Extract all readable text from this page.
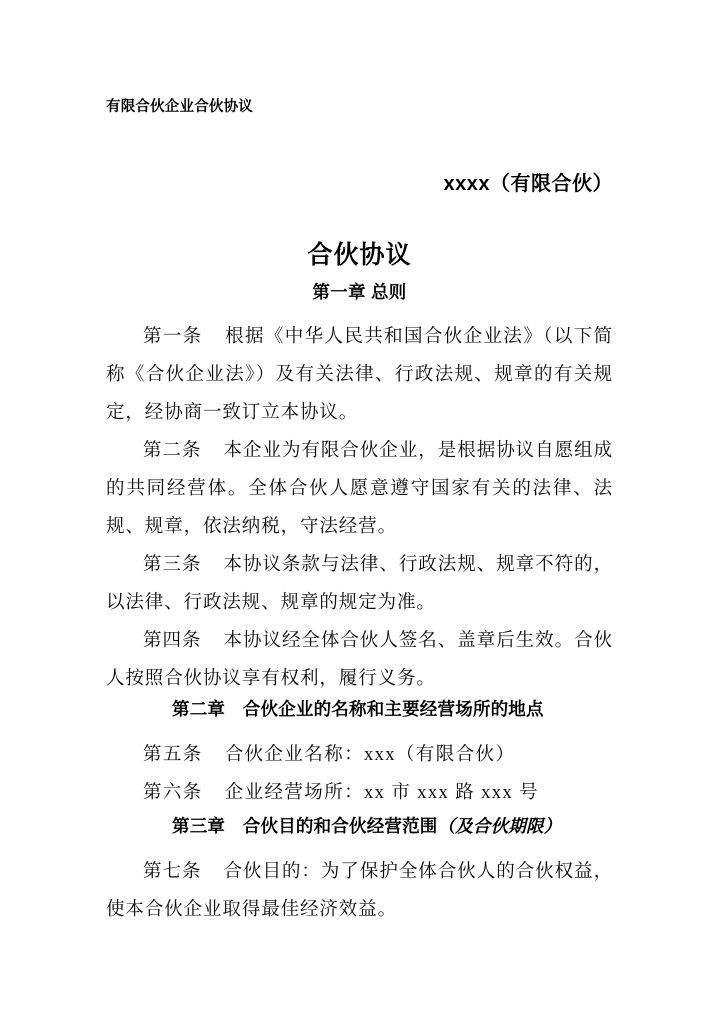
有限合伙企业合伙协议
xxxx（有限合伙）
合伙协议
第一章 总则
第一条 根据《中华人民共和国合伙企业法》（以下简称《合伙企业法》）及有关法律、行政法规、规章的有关规定，经协商一致订立本协议。
第二条 本企业为有限合伙企业，是根据协议自愿组成的共同经营体。全体合伙人愿意遵守国家有关的法律、法规、规章，依法纳税，守法经营。
第三条 本协议条款与法律、行政法规、规章不符的，以法律、行政法规、规章的规定为准。
第四条 本协议经全体合伙人签名、盖章后生效。合伙人按照合伙协议享有权利，履行义务。
第二章　合伙企业的名称和主要经营场所的地点
第五条 合伙企业名称：xxx（有限合伙）
第六条 企业经营场所：xx 市 xxx 路 xxx 号
第三章　合伙目的和合伙经营范围（及合伙期限）
第七条 合伙目的：为了保护全体合伙人的合伙权益，使本合伙企业取得最佳经济效益。
